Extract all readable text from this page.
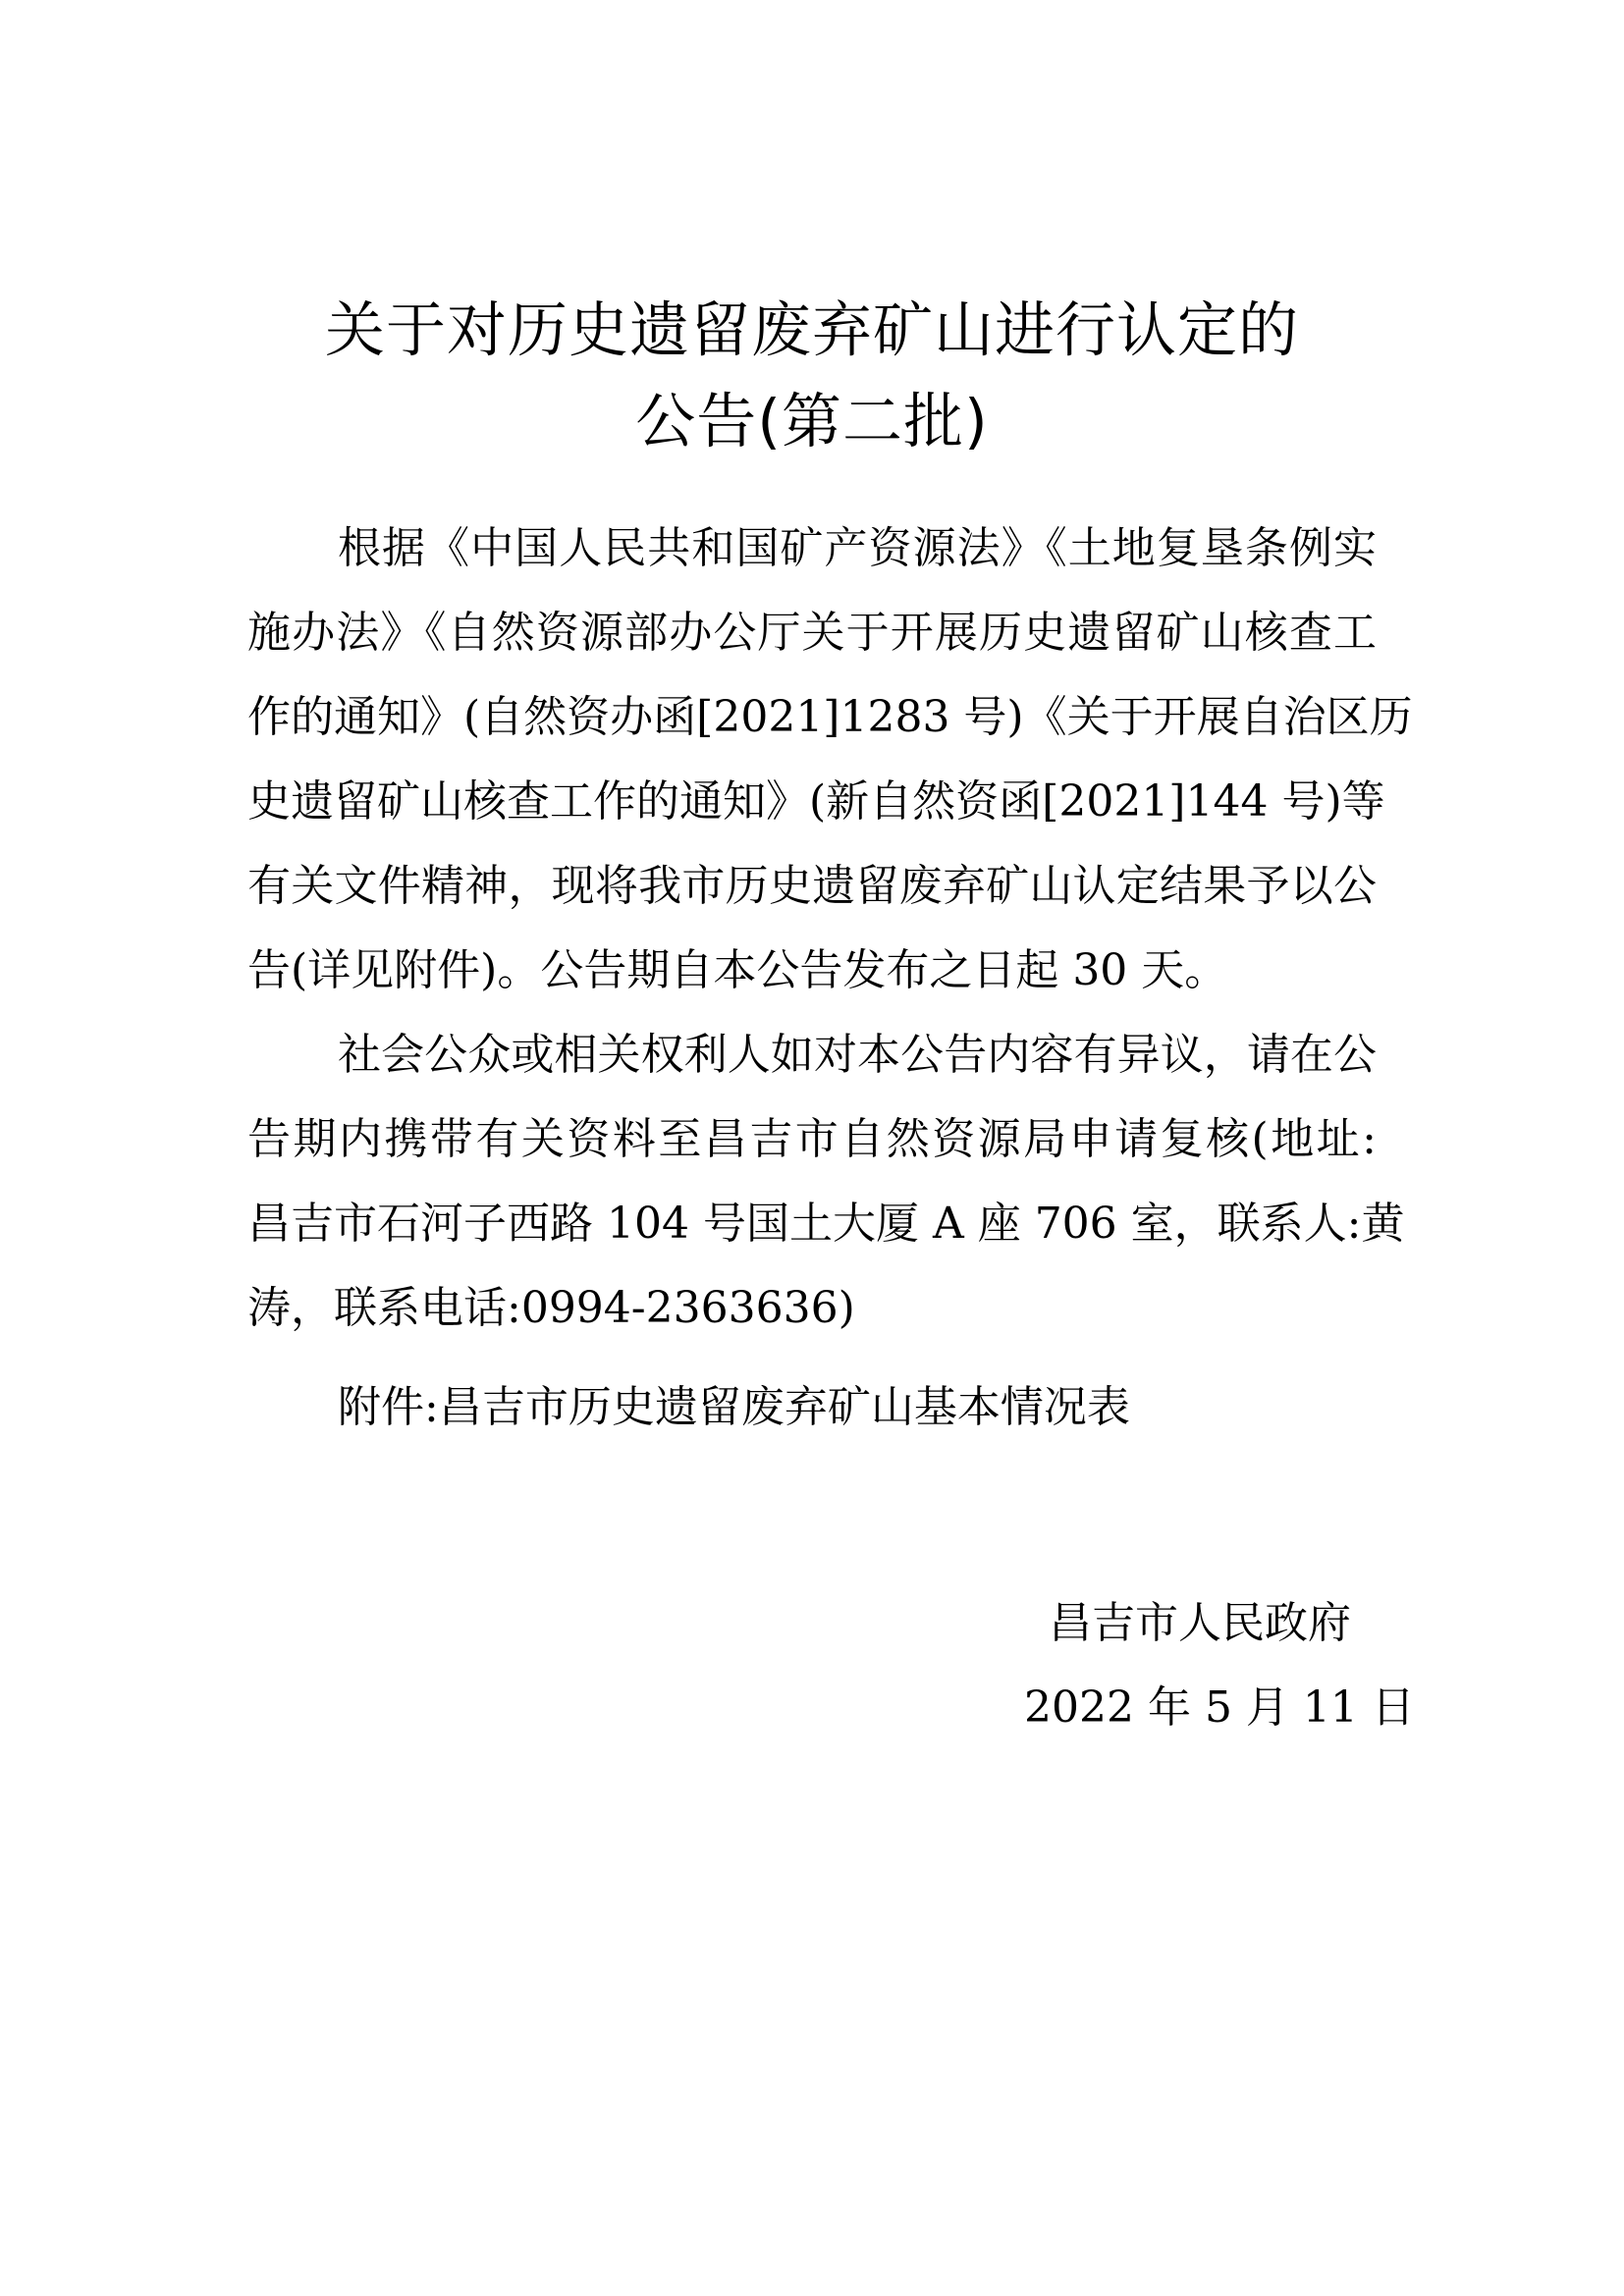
关于对历史遗留废弃矿山进行认定的
公告(第二批)
根据《中国人民共和国矿产资源法》《土地复垦条例实
施办法》《自然资源部办公厅关于开展历史遗留矿山核查工
作的通知》(自然资办函[2021]1283 号)《关于开展自治区历
史遗留矿山核查工作的通知》(新自然资函[2021]144 号)等
有关文件精神，现将我市历史遗留废弃矿山认定结果予以公
告(详见附件)。公告期自本公告发布之日起 30 天。
社会公众或相关权利人如对本公告内容有异议，请在公
告期内携带有关资料至昌吉市自然资源局申请复核(地址:
昌吉市石河子西路 104 号国土大厦 A 座 706 室，联系人:黄
涛，联系电话:0994-2363636)
附件:昌吉市历史遗留废弃矿山基本情况表
昌吉市人民政府
2022 年 5 月 11 日
